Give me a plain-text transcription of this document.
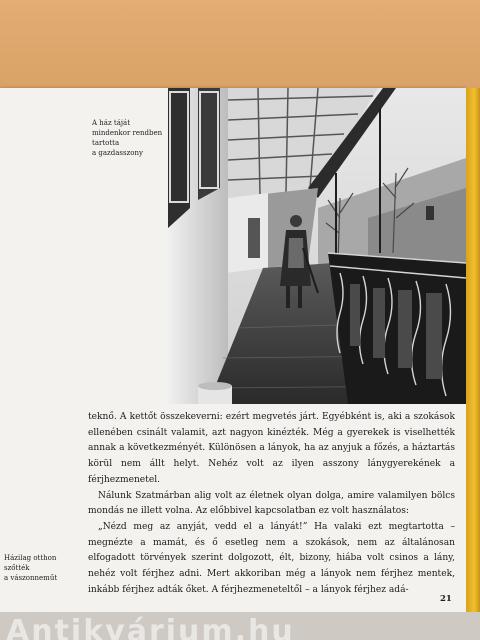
A ház táját
mindenkor rendben
tartotta
a gazdasszony

teknő. A kettőt összekeverni: ezért megvetés járt. Egyébként is, aki a szokások ellenében csinált valamit, azt nagyon kinézték. Még a gyerekek is viselhették annak a következményét. Különösen a lányok, ha az anyjuk a főzés, a háztartás körül nem állt helyt. Nehéz volt az ilyen asszony lánygyerekének a férjhezmenetel.

Nálunk Szatmárban alig volt az életnek olyan dolga, amire valamilyen bölcs mondás ne illett volna. Az előbbivel kapcsolatban ez volt használatos:

„Nézd meg az anyját, vedd el a lányát!” Ha valaki ezt megtartotta – megnézte a mamát, és ő esetleg nem a szokások, nem az általánosan elfogadott törvények szerint dolgozott, élt, bizony, hiába volt csinos a lány, nehéz volt férjhez adni. Mert akkoriban még a lányok nem férjhez mentek, inkább férjhez adták őket. A férjhezmeneteltől – a lányok férjhez adá-

Házilag otthon
szőtték
a vászonneműt
21
Antikvárium.hu
